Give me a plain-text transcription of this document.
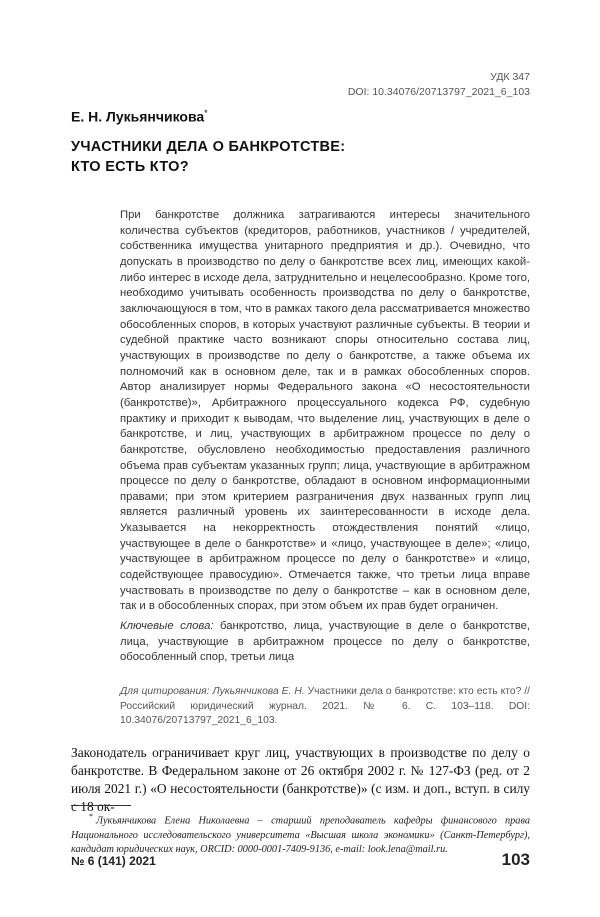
УДК 347
DOI: 10.34076/20713797_2021_6_103
Е. Н. Лукьянчикова*
УЧАСТНИКИ ДЕЛА О БАНКРОТСТВЕ:
КТО ЕСТЬ КТО?

При банкротстве должника затрагиваются интересы значительного количества субъектов (кредиторов, работников, участников / учредителей, собственника имущества унитарного предприятия и др.). Очевидно, что допускать в производство по делу о банкротстве всех лиц, имеющих какой-либо интерес в исходе дела, затруднительно и нецелесообразно. Кроме того, необходимо учитывать особенность производства по делу о банкротстве, заключающуюся в том, что в рамках такого дела рассматривается множество обособленных споров, в которых участвуют различные субъекты. В теории и судебной практике часто возникают споры относительно состава лиц, участвующих в производстве по делу о банкротстве, а также объема их полномочий как в основном деле, так и в рамках обособленных споров. Автор анализирует нормы Федерального закона «О несостоятельности (банкротстве)», Арбитражного процессуального кодекса РФ, судебную практику и приходит к выводам, что выделение лиц, участвующих в деле о банкротстве, и лиц, участвующих в арбитражном процессе по делу о банкротстве, обусловлено необходимостью предоставления различного объема прав субъектам указанных групп; лица, участвующие в арбитражном процессе по делу о банкротстве, обладают в основном информационными правами; при этом критерием разграничения двух названных групп лиц является различный уровень их заинтересованности в исходе дела. Указывается на некорректность отождествления понятий «лицо, участвующее в деле о банкротстве» и «лицо, участвующее в деле»; «лицо, участвующее в арбитражном процессе по делу о банкротстве» и «лицо, содействующее правосудию». Отмечается также, что третьи лица вправе участвовать в производстве по делу о банкротстве – как в основном деле, так и в обособленных спорах, при этом объем их прав будет ограничен.

Ключевые слова: банкротство, лица, участвующие в деле о банкротстве, лица, участвующие в арбитражном процессе по делу о банкротстве, обособленный спор, третьи лица

Для цитирования: Лукьянчикова Е. Н. Участники дела о банкротстве: кто есть кто? // Российский юридический журнал. 2021. № 6. С. 103–118. DOI: 10.34076/20713797_2021_6_103.

Законодатель ограничивает круг лиц, участвующих в производстве по делу о банкротстве. В Федеральном законе от 26 октября 2002 г. № 127-ФЗ (ред. от 2 июля 2021 г.) «О несостоятельности (банкротстве)» (с изм. и доп., вступ. в силу с 18 ок-

* Лукьянчикова Елена Николаевна – старший преподаватель кафедры финансового права Национального исследовательского университета «Высшая школа экономики» (Санкт-Петербург), кандидат юридических наук, ORCID: 0000-0001-7409-9136, e-mail: look.lena@mail.ru.
№ 6 (141) 2021	103
